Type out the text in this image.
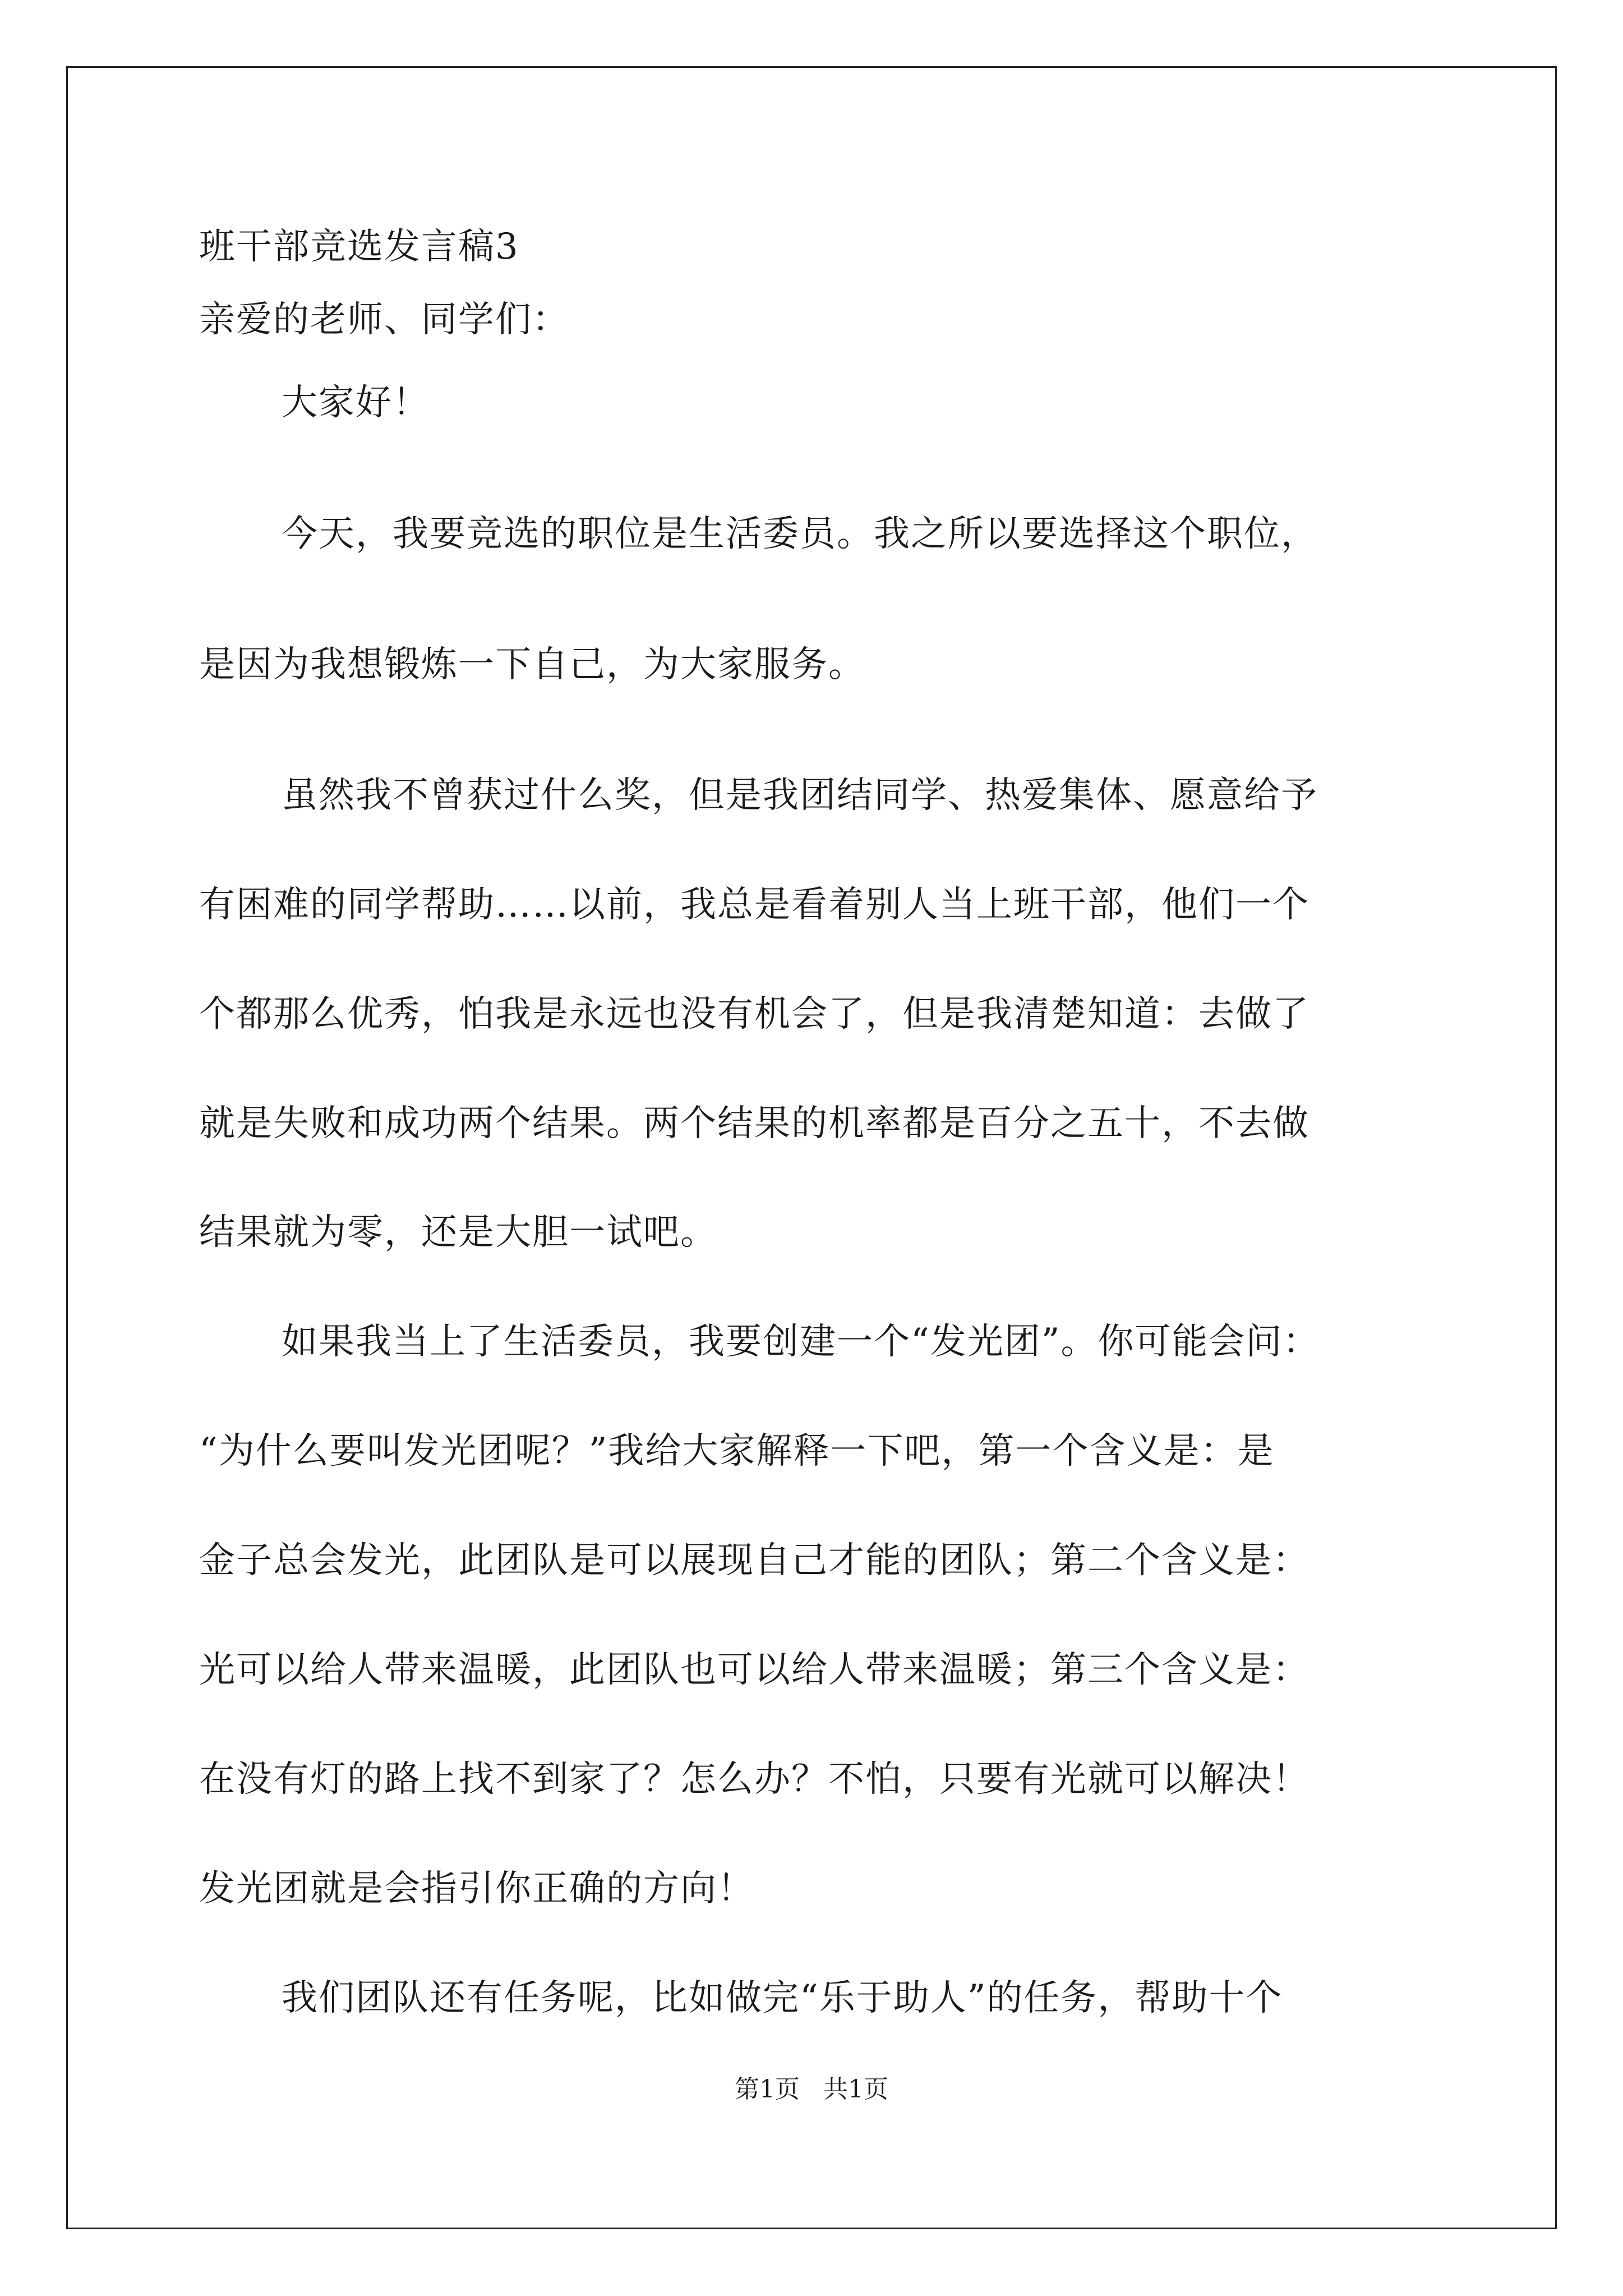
班干部竞选发言稿3
亲爱的老师、同学们：
大家好！
今天，我要竞选的职位是生活委员。我之所以要选择这个职位，
是因为我想锻炼一下自己，为大家服务。
虽然我不曾获过什么奖，但是我团结同学、热爱集体、愿意给予
有困难的同学帮助……以前，我总是看着别人当上班干部，他们一个
个都那么优秀，怕我是永远也没有机会了，但是我清楚知道：去做了
就是失败和成功两个结果。两个结果的机率都是百分之五十，不去做
结果就为零，还是大胆一试吧。
如果我当上了生活委员，我要创建一个“发光团”。你可能会问：
“为什么要叫发光团呢？”我给大家解释一下吧，第一个含义是：是
金子总会发光，此团队是可以展现自己才能的团队；第二个含义是：
光可以给人带来温暖，此团队也可以给人带来温暖；第三个含义是：
在没有灯的路上找不到家了？怎么办？不怕，只要有光就可以解决！
发光团就是会指引你正确的方向！
我们团队还有任务呢，比如做完“乐于助人”的任务，帮助十个
第1页   共1页
